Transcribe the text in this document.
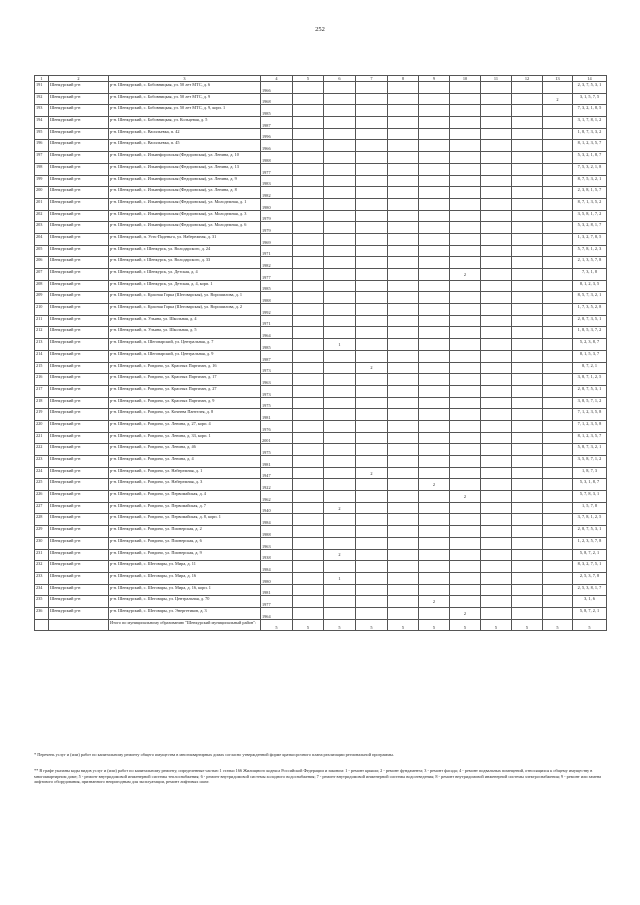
252
1	2	3	4	5	6	7	8	9	10	11	12	13	14
191	Шенкурский р-н	р-н. Шенкурский, с. Бобовницкая, ул. 50 лет МТС, д. 6	1966										2, 3, 7, 5, 3, 1
192	Шенкурский р-н	р-н. Шенкурский, с. Бобовницкая, ул. 50 лет МТС, д. 9	1968									2	3, 1, 5, 7, 5
193	Шенкурский р-н	р-н. Шенкурский, с. Бобовницкая, ул. 50 лет МТС, д. 9, корп. 1	1985										7, 3, 2, 1, 8, 5
194	Шенкурский р-н	р-н. Шенкурский, с. Бобовницкая, ул. Кольцевая, д. 5	1987										3, 1, 7, 8, 1, 2
195	Шенкурский р-н	р-н. Шенкурский, с. Васильевка, п. 42	1996										1, 8, 7, 3, 3, 2
196	Шенкурский р-н	р-н. Шенкурский, с. Васильевка, п. 45	1966										8, 1, 2, 3, 5, 7
197	Шенкурский р-н	р-н. Шенкурский, с. Ильинфорохская (Федоровская), ул. Ленина, д. 10	1988										5, 3, 2, 1, 8, 7
198	Шенкурский р-н	р-н. Шенкурский, с. Ильинфорохская (Федоровская), ул. Ленина, д. 13	1977										7, 5, 3, 2, 1, 8
199	Шенкурский р-н	р-н. Шенкурский, с. Ильинфорохская (Федоровская), ул. Ленина, д. 9	1983										8, 7, 5, 3, 2, 1
200	Шенкурский р-н	р-н. Шенкурский, с. Ильинфорохская (Федоровская), ул. Ленина, д. 8	1982										2, 3, 8, 1, 5, 7
201	Шенкурский р-н	р-н. Шенкурский, с. Ильинфорохская (Федоровская), ул. Молодежная, д. 1	1980										8, 7, 1, 3, 5, 2
202	Шенкурский р-н	р-н. Шенкурский, с. Ильинфорохская (Федоровская), ул. Молодежная, д. 3	1979										3, 5, 8, 1, 7, 2
203	Шенкурский р-н	р-н. Шенкурский, с. Ильинфорохская (Федоровская), ул. Молодежная, д. 6	1979										5, 3, 2, 8, 1, 7
204	Шенкурский р-н	р-н. Шенкурский, п. Усть-Паденьга, ул. Набережная, д. 31	1969										1, 3, 2, 7, 8, 5
205	Шенкурский р-н	р-н. Шенкурский, г. Шенкурск, ул. Володарского, д. 24	1971										5, 7, 8, 1, 2, 3
206	Шенкурский р-н	р-н. Шенкурский, г. Шенкурск, ул. Володарского, д. 33	1982										2, 1, 3, 5, 7, 8
207	Шенкурский р-н	р-н. Шенкурский, г. Шенкурск, ул. Детская, д. 4	1977						2				7, 3, 1, 8
208	Шенкурский р-н	р-н. Шенкурский, г. Шенкурск, ул. Детская, д. 4, корп. 1	1985										8, 1, 2, 3, 5
209	Шенкурский р-н	р-н. Шенкурский, с. Красная Горка (Шеговарская), ул. Ворошилова, д. 1	1988										8, 5, 7, 3, 2, 1
210	Шенкурский р-н	р-н. Шенкурский, с. Красная Горка (Шеговарская), ул. Ворошилова, д. 2	1992										1, 7, 3, 5, 2, 8
211	Шенкурский р-н	р-н. Шенкурский, п. Ульяна, ул. Школьная, д. 4	1971										2, 8, 7, 3, 5, 1
212	Шенкурский р-н	р-н. Шенкурский, п. Ульяна, ул. Школьная, д. 5	1964										1, 8, 5, 3, 7, 2
213	Шенкурский р-н	р-н. Шенкурский, п. Шеговарский, ул. Центральная, д. 7	1985		1								5, 2, 3, 8, 7
214	Шенкурский р-н	р-н. Шенкурский, п. Шеговарский, ул. Центральная, д. 9	1987										8, 1, 5, 3, 7
215	Шенкурский р-н	р-н. Шенкурский, с. Ровдино, ул. Красных Партизан, д. 16	1973			2							8, 7, 2, 1
216	Шенкурский р-н	р-н. Шенкурский, с. Ровдино, ул. Красных Партизан, д. 17	1963										3, 8, 7, 1, 2, 5
217	Шенкурский р-н	р-н. Шенкурский, с. Ровдино, ул. Красных Партизан, д. 27	1973										2, 8, 7, 5, 3, 1
218	Шенкурский р-н	р-н. Шенкурский, с. Ровдино, ул. Красных Партизан, д. 9	1975										3, 8, 5, 7, 1, 2
219	Шенкурский р-н	р-н. Шенкурский, с. Ровдино, ул. Кочнева Пантелея, д. 8	1981										7, 1, 2, 3, 5, 8
220	Шенкурский р-н	р-н. Шенкурский, с. Ровдино, ул. Ленина, д. 27, корп. 4	1976										7, 1, 2, 3, 5, 8
221	Шенкурский р-н	р-н. Шенкурский, с. Ровдино, ул. Ленина, д. 33, корп. 1	2001										8, 1, 2, 3, 5, 7
222	Шенкурский р-н	р-н. Шенкурский, с. Ровдино, ул. Ленина, д. 46	1975										5, 8, 7, 3, 2, 1
223	Шенкурский р-н	р-н. Шенкурский, с. Ровдино, ул. Ленина, д. 4	1981										3, 5, 8, 7, 1, 2
224	Шенкурский р-н	р-н. Шенкурский, с. Ровдино, ул. Набережная, д. 1	1947			2							1, 8, 7, 3
225	Шенкурский р-н	р-н. Шенкурский, с. Ровдино, ул. Набережная, д. 3	1922					2					5, 3, 1, 8, 7
226	Шенкурский р-н	р-н. Шенкурский, с. Ровдино, ул. Первомайская, д. 4	1962						2				5, 7, 8, 3, 1
227	Шенкурский р-н	р-н. Шенкурский, с. Ровдино, ул. Первомайская, д. 7	1940		2								1, 5, 7, 8
228	Шенкурский р-н	р-н. Шенкурский, с. Ровдино, ул. Первомайская, д. 8, корп. 1	1984										3, 7, 8, 1, 2, 5
229	Шенкурский р-н	р-н. Шенкурский, с. Ровдино, ул. Пионерская, д. 2	1988										2, 8, 7, 5, 3, 1
230	Шенкурский р-н	р-н. Шенкурский, с. Ровдино, ул. Пионерская, д. 6	1963										1, 2, 3, 5, 7, 8
231	Шенкурский р-н	р-н. Шенкурский, с. Ровдино, ул. Пионерская, д. 9	1938		2								5, 8, 7, 2, 1
232	Шенкурский р-н	р-н. Шенкурский, с. Шеговары, ул. Мира, д. 11	1984										8, 3, 2, 7, 5, 1
233	Шенкурский р-н	р-н. Шенкурский, с. Шеговары, ул. Мира, д. 16	1980		1								2, 5, 3, 7, 8
234	Шенкурский р-н	р-н. Шенкурский, с. Шеговары, ул. Мира, д. 16, корп. 1	1981										2, 5, 3, 8, 1, 7
235	Шенкурский р-н	р-н. Шенкурский, с. Шеговары, ул. Центральная, д. 70	1977					2					3, 1, 6
236	Шенкурский р-н	р-н. Шенкурский, с. Шеговары, ул. Энергетиков, д. 3	1964						2				5, 8, 7, 2, 1
		Итого по муниципальному образованию "Шенкурский муниципальный район":	5	5	5	5	5	5	5	5	5	5	5
* Перечень услуг и (или) работ по капитальному ремонту общего имущества в многоквартирных домах согласно утвержденной форме краткосрочного плана реализации региональной программы.
** В графе указаны коды видов услуг и (или) работ по капитальному ремонту, определенные частью 1 статьи 166 Жилищного кодекса Российской Федерации и законом: 1 - ремонт крыши; 2 - ремонт фундамента; 3 - ремонт фасада; 4 - ремонт подвальных помещений, относящихся к общему имуществу в многоквартирном доме; 5 - ремонт внутридомовой инженерной системы теплоснабжения; 6 - ремонт внутридомовой системы холодного водоснабжения; 7 - ремонт внутридомовой инженерной системы водоотведения; 8 - ремонт внутридомовой инженерной системы электроснабжения; 9 - ремонт или замена лифтового оборудования, признанного непригодным для эксплуатации, ремонт лифтовых шахт.
